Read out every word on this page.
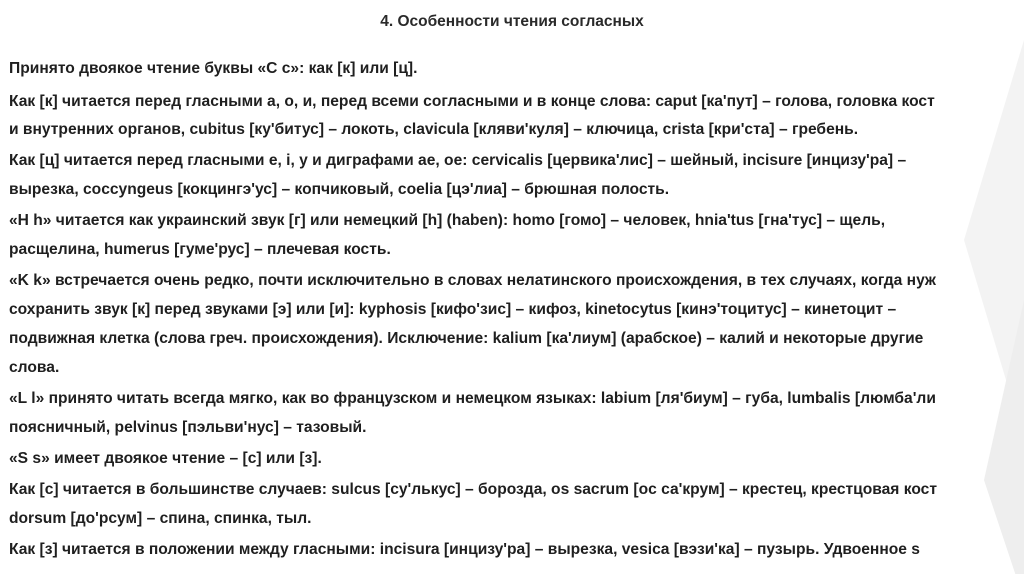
4. Особенности чтения согласных
Принято двоякое чтение буквы «C c»: как [к] или [ц].
Как [к] читается перед гласными а, о, и, перед всеми согласными и в конце слова: caput [ка'пут] – голова, головка кост
и внутренних органов, cubitus [ку'битус] – локоть, clavicula [кляви'куля] – ключица, crista [кри'ста] – гребень.
Как [ц] читается перед гласными е, i, y и диграфами ae, oe: cervicalis [цервика'лис] – шейный, incisure [инцизу'ра] –
вырезка, coccyngeus [кокцингэ'ус] – копчиковый, coelia [цэ'лиа] – брюшная полость.
«H h» читается как украинский звук [г] или немецкий [h] (haben): homo [гомо] – человек, hnia'tus [гна'тус] – щель,
расщелина, humerus [гуме'рус] – плечевая кость.
«K k» встречается очень редко, почти исключительно в словах нелатинского происхождения, в тех случаях, когда нуж
сохранить звук [к] перед звуками [э] или [и]: kyphosis [кифо'зис] – кифоз, kinetocytus [кинэ'тоцитус] – кинетоцит –
подвижная клетка (слова греч. происхождения). Исключение: kalium [ка'лиум] (арабское) – калий и некоторые другие
слова.
«L l» принято читать всегда мягко, как во французском и немецком языках: labium [ля'биум] – губа, lumbalis [люмба'ли
поясничный, pelvinus [пэльви'нус] – тазовый.
«S s» имеет двоякое чтение – [c] или [з].
Как [c] читается в большинстве случаев: sulcus [су'лькус] – борозда, os sacrum [oc са'крум] – крестец, крестцовая кост
dorsum [до'рсум] – спина, спинка, тыл.
Как [з] читается в положении между гласными: incisura [инцизу'ра] – вырезка, vesica [вэзи'ка] – пузырь. Удвоенное s
